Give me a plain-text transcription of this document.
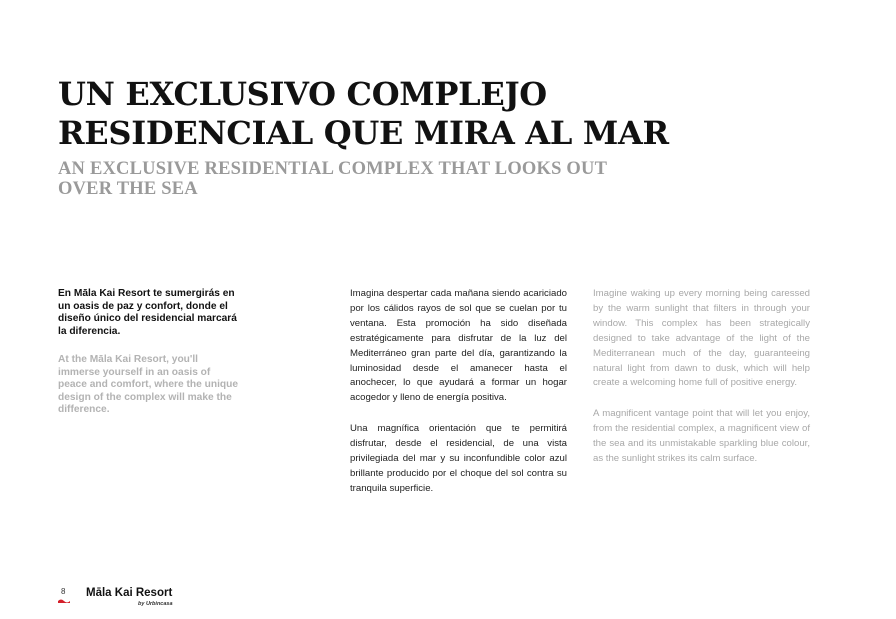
UN EXCLUSIVO COMPLEJO RESIDENCIAL QUE MIRA AL MAR
AN EXCLUSIVE RESIDENTIAL COMPLEX THAT LOOKS OUT OVER THE SEA
En Māla Kai Resort te sumergirás en un oasis de paz y confort, donde el diseño único del residencial marcará la diferencia.
At the Māla Kai Resort, you'll immerse yourself in an oasis of peace and comfort, where the unique design of the complex will make the difference.

Imagina despertar cada mañana siendo acariciado por los cálidos rayos de sol que se cuelan por tu ventana. Esta promoción ha sido diseñada estratégicamente para disfrutar de la luz del Mediterráneo gran parte del día, garantizando la luminosidad desde el amanecer hasta el anochecer, lo que ayudará a formar un hogar acogedor y lleno de energía positiva.

Una magnífica orientación que te permitirá disfrutar, desde el residencial, de una vista privilegiada del mar y su inconfundible color azul brillante producido por el choque del sol contra su tranquila superficie.

Imagine waking up every morning being caressed by the warm sunlight that filters in through your window. This complex has been strategically designed to take advantage of the light of the Mediterranean much of the day, guaranteeing natural light from dawn to dusk, which will help create a welcoming home full of positive energy.

A magnificent vantage point that will let you enjoy, from the residential complex, a magnificent view of the sea and its unmistakable sparkling blue colour, as the sunlight strikes its calm surface.

8 Māla Kai Resort
by Urbincasa
